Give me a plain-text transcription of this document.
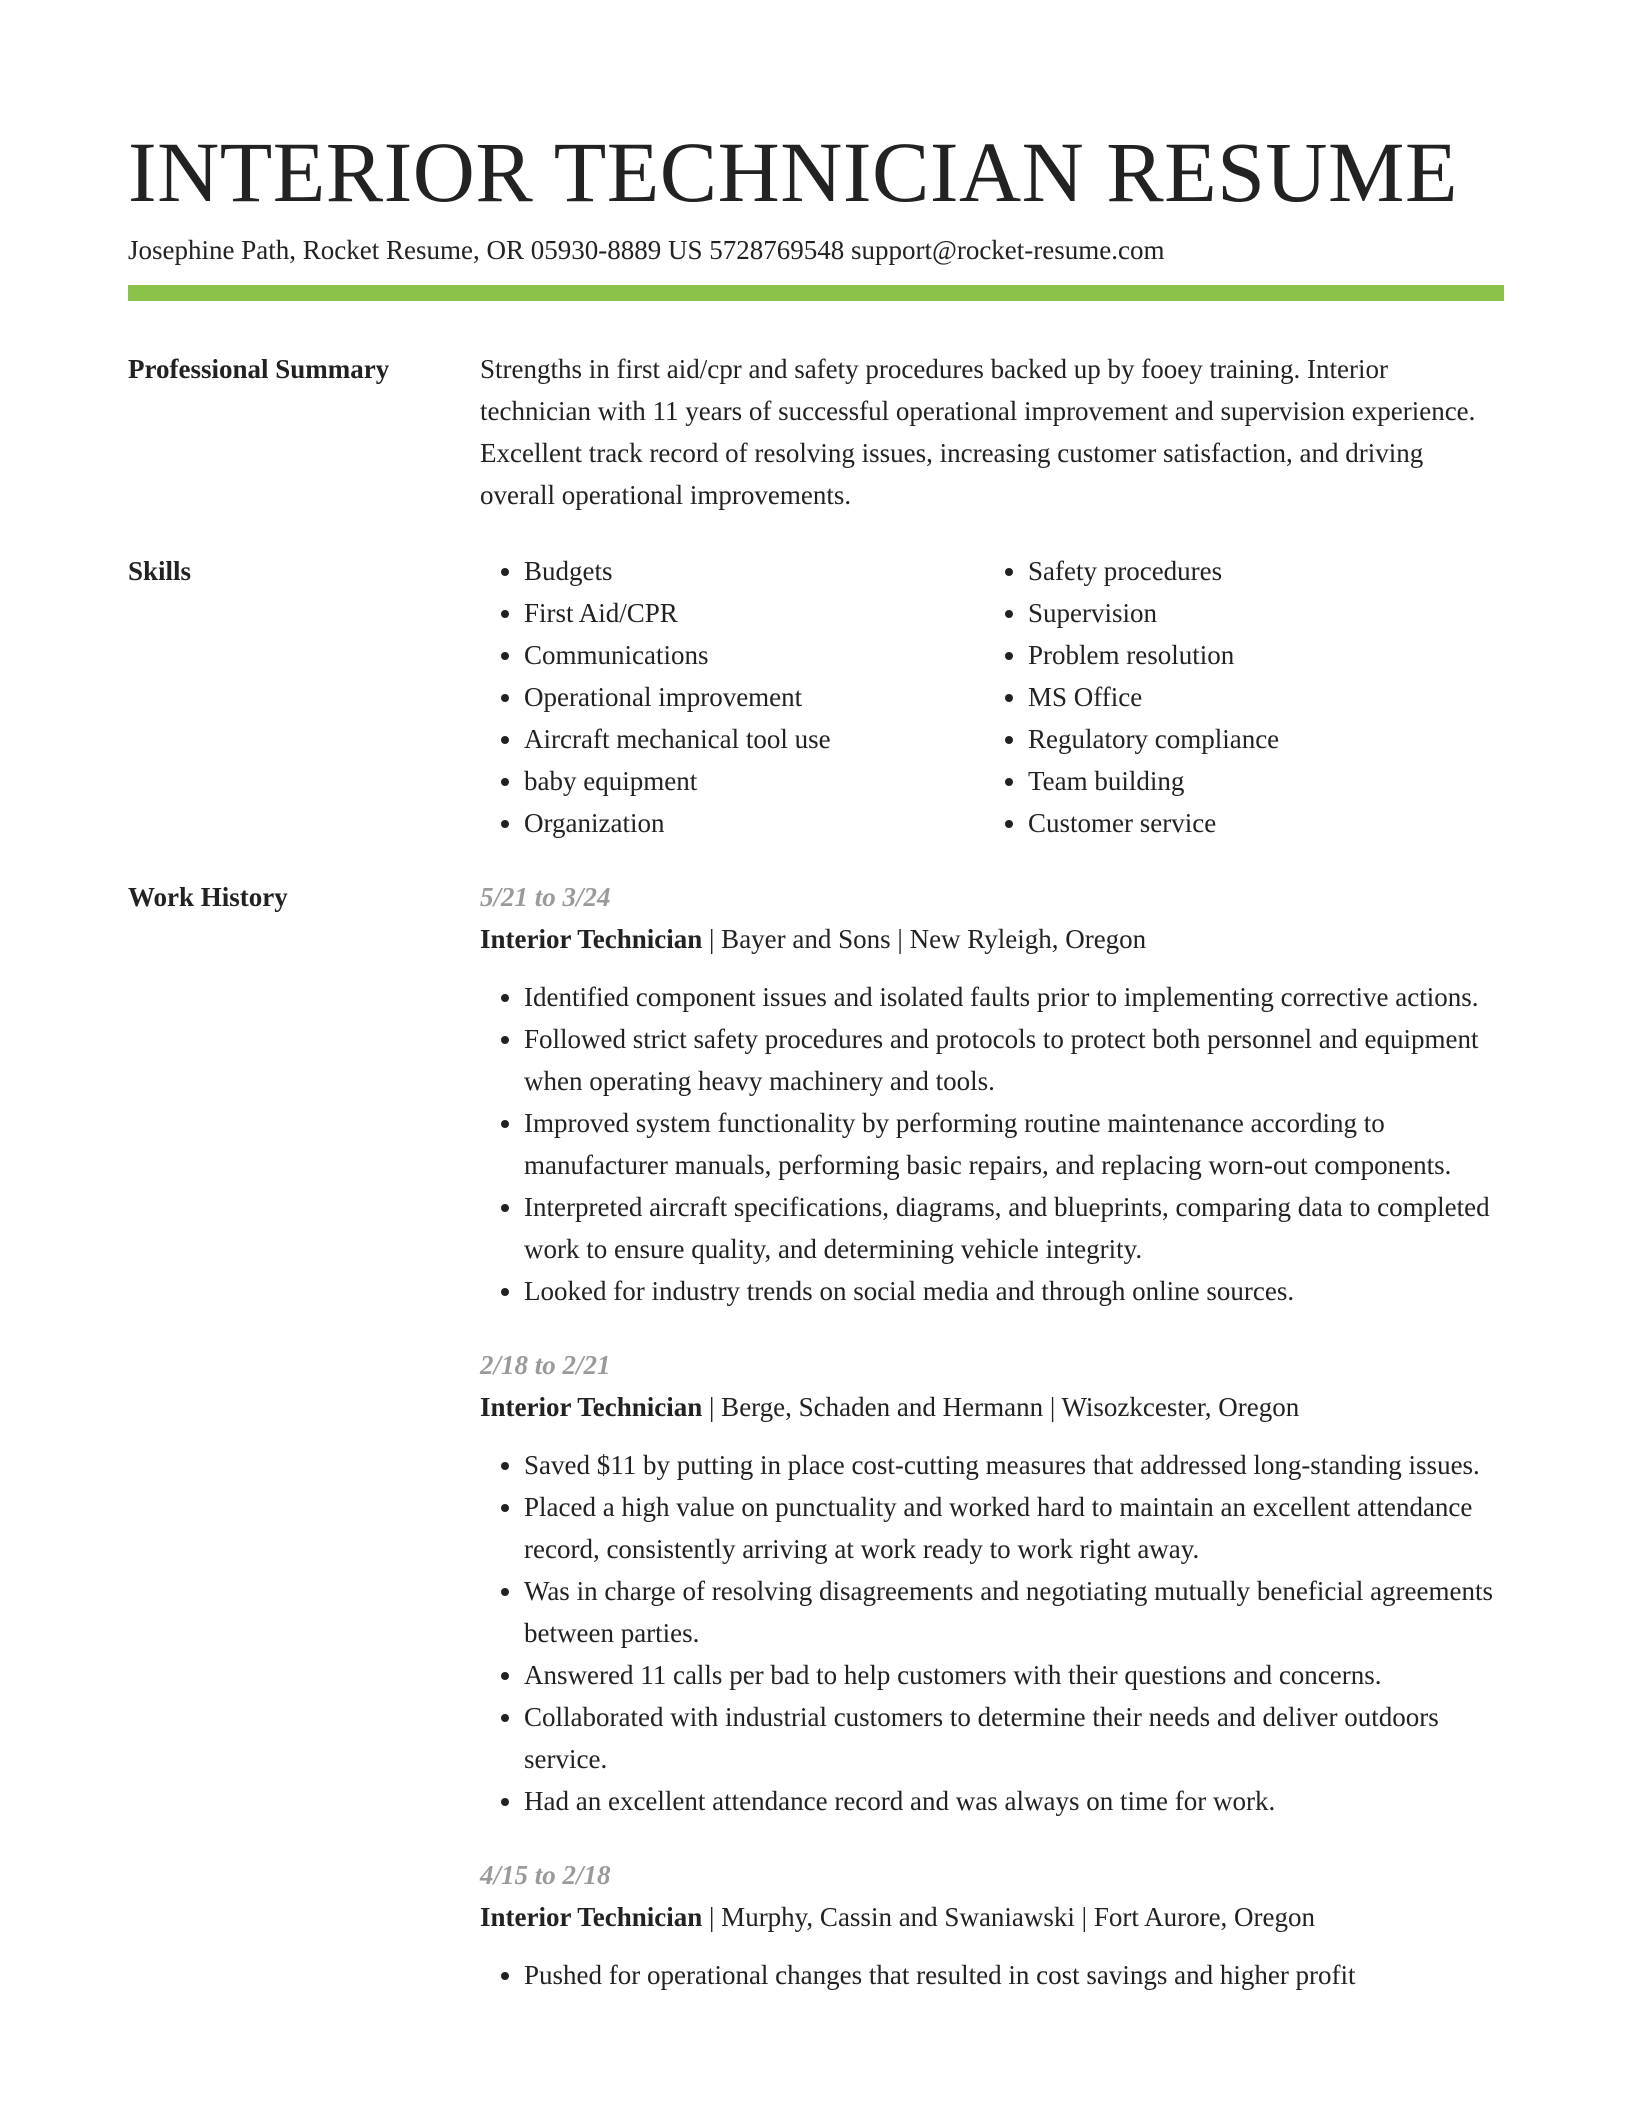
INTERIOR TECHNICIAN RESUME
Josephine Path, Rocket Resume, OR 05930-8889 US 5728769548 support@rocket-resume.com
Professional Summary	Strengths in first aid/cpr and safety procedures backed up by fooey training. Interior technician with 11 years of successful operational improvement and supervision experience. Excellent track record of resolving issues, increasing customer satisfaction, and driving overall operational improvements.

Skills
•	Budgets
• First Aid/CPR
• Communications
• Operational improvement
• Aircraft mechanical tool use
• baby equipment
• Organization
• Safety procedures
• Supervision
• Problem resolution
• MS Office
• Regulatory compliance
• Team building
• Customer service
Work History	5/21 to 3/24
Interior Technician | Bayer and Sons | New Ryleigh, Oregon
• Identified component issues and isolated faults prior to implementing corrective actions.
• Followed strict safety procedures and protocols to protect both personnel and equipment when operating heavy machinery and tools.
• Improved system functionality by performing routine maintenance according to manufacturer manuals, performing basic repairs, and replacing worn-out components.
• Interpreted aircraft specifications, diagrams, and blueprints, comparing data to completed work to ensure quality, and determining vehicle integrity.
• Looked for industry trends on social media and through online sources.
2/18 to 2/21
Interior Technician | Berge, Schaden and Hermann | Wisozkcester, Oregon
• Saved $11 by putting in place cost-cutting measures that addressed long-standing issues.
• Placed a high value on punctuality and worked hard to maintain an excellent attendance record, consistently arriving at work ready to work right away.
• Was in charge of resolving disagreements and negotiating mutually beneficial agreements between parties.
• Answered 11 calls per bad to help customers with their questions and concerns.
• Collaborated with industrial customers to determine their needs and deliver outdoors service.
• Had an excellent attendance record and was always on time for work.
4/15 to 2/18
Interior Technician | Murphy, Cassin and Swaniawski | Fort Aurore, Oregon
• Pushed for operational changes that resulted in cost savings and higher profit
